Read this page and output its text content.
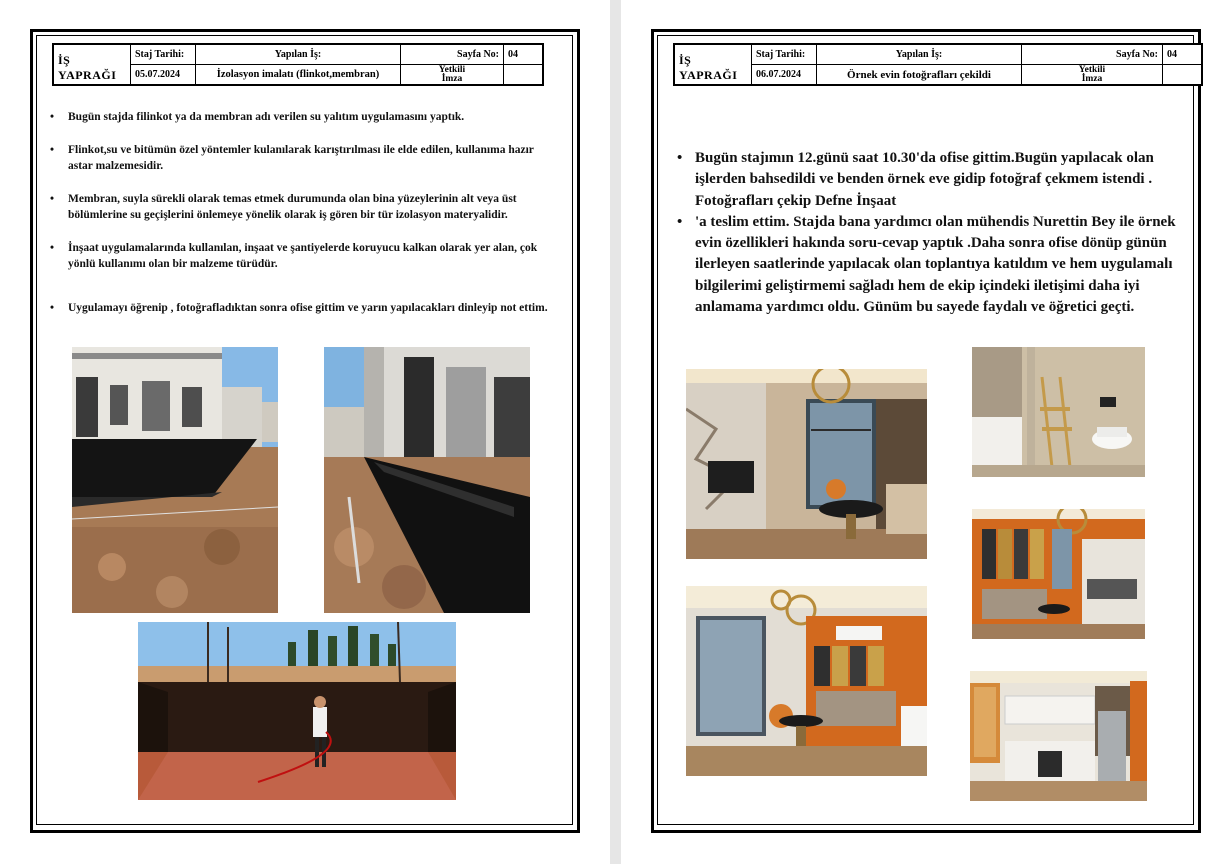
İŞ
YAPRAĞI	Staj Tarihi:	Yapılan İş:	Sayfa No:	04
	05.07.2024	İzolasyon imalatı (flinkot,membran)	Yetkili
İmza	

• Bugün stajda filinkot ya da membran adı verilen su yalıtım uygulamasını yaptık.
• Flinkot,su ve bitümün özel yöntemler kulanılarak karıştırılması ile elde edilen, kullanıma hazır astar malzemesidir.
• Membran, suyla sürekli olarak temas etmek durumunda olan bina yüzeylerinin alt veya üst bölümlerine su geçişlerini önlemeye yönelik olarak iş gören bir tür izolasyon materyalidir.
• İnşaat uygulamalarında kullanılan, inşaat ve şantiyelerde koruyucu kalkan olarak yer alan, çok yönlü kullanımı olan bir malzeme türüdür.
• Uygulamayı öğrenip , fotoğrafladıktan sonra ofise gittim ve yarın yapılacakları dinleyip not ettim.
İŞ
YAPRAĞI	Staj Tarihi:	Yapılan İş:	Sayfa No:	04
	06.07.2024	Örnek evin fotoğrafları çekildi	Yetkili
İmza	

• Bugün stajımın 12.günü saat 10.30'da ofise gittim.Bugün yapılacak olan işlerden bahsedildi ve benden örnek eve gidip fotoğraf çekmem istendi . Fotoğrafları çekip Defne İnşaat
• 'a teslim ettim. Stajda bana yardımcı olan mühendis Nurettin Bey ile örnek evin özellikleri hakında soru-cevap yaptık .Daha sonra ofise dönüp günün ilerleyen saatlerinde yapılacak olan toplantıya katıldım ve hem uygulamalı bilgilerimi geliştirmemi sağladı hem de ekip içindeki iletişimi daha iyi anlamama yardımcı oldu. Günüm bu sayede faydalı ve öğretici geçti.
